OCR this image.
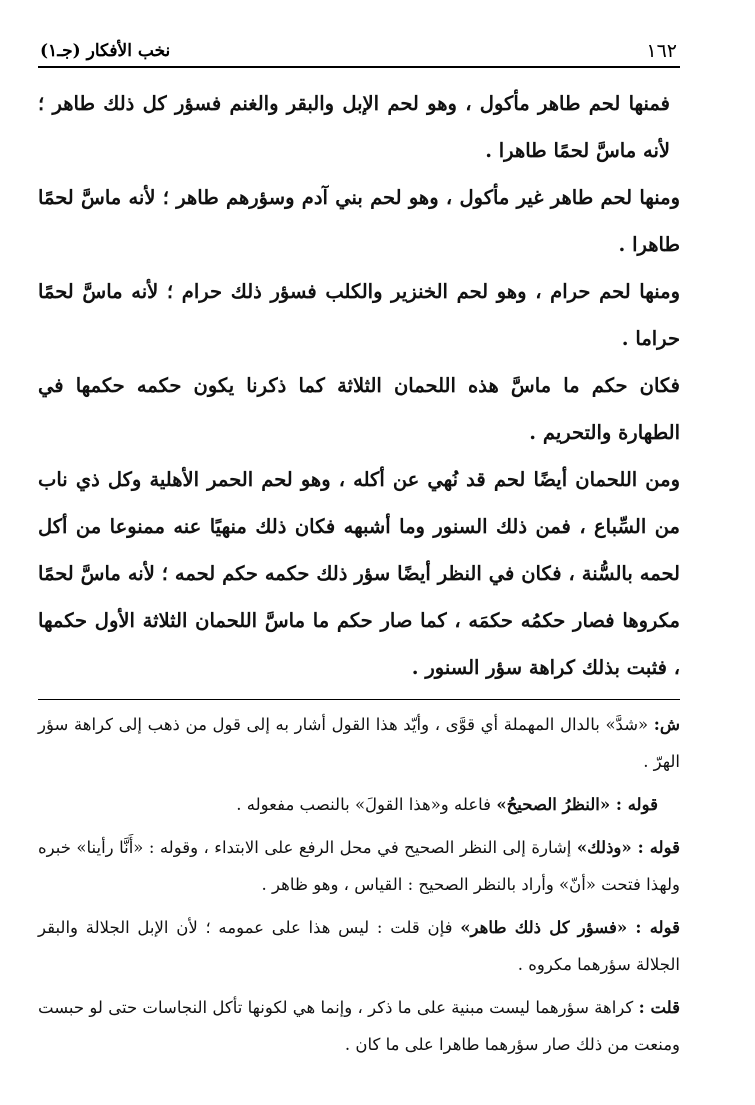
نخب الأفكار (جـ١)	١٦٢

فمنها لحم طاهر مأكول ، وهو لحم الإبل والبقر والغنم فسؤر كل ذلك طاهر ؛ لأنه ماسَّ لحمًا طاهرا .

ومنها لحم طاهر غير مأكول ، وهو لحم بني آدم وسؤرهم طاهر ؛ لأنه ماسَّ لحمًا طاهرا .

ومنها لحم حرام ، وهو لحم الخنزير والكلب فسؤر ذلك حرام ؛ لأنه ماسَّ لحمًا حراما .

فكان حكم ما ماسَّ هذه اللحمان الثلاثة كما ذكرنا يكون حكمه حكمها في الطهارة والتحريم .

ومن اللحمان أيضًا لحم قد نُهي عن أكله ، وهو لحم الحمر الأهلية وكل ذي ناب من السِّباع ، فمن ذلك السنور وما أشبهه فكان ذلك منهيًا عنه ممنوعا من أكل لحمه بالسُّنة ، فكان في النظر أيضًا سؤر ذلك حكمه حكم لحمه ؛ لأنه ماسَّ لحمًا مكروها فصار حكمُه حكمَه ، كما صار حكم ما ماسَّ اللحمان الثلاثة الأول حكمها ، فثبت بذلك كراهة سؤر السنور .

ش: «شدَّ» بالدال المهملة أي قوَّى ، وأيّد هذا القول أشار به إلى قول من ذهب إلى كراهة سؤر الهرّ .

قوله : «النظرُ الصحيحُ» فاعله و«هذا القولَ» بالنصب مفعوله .

قوله : «وذلك» إشارة إلى النظر الصحيح في محل الرفع على الابتداء ، وقوله : «أَنَّا رأينا» خبره ولهذا فتحت «أنّ» وأراد بالنظر الصحيح : القياس ، وهو ظاهر .

قوله : «فسؤر كل ذلك طاهر» فإن قلت : ليس هذا على عمومه ؛ لأن الإبل الجلالة والبقر الجلالة سؤرهما مكروه .

قلت : كراهة سؤرهما ليست مبنية على ما ذكر ، وإنما هي لكونها تأكل النجاسات حتى لو حبست ومنعت من ذلك صار سؤرهما طاهرا على ما كان .
